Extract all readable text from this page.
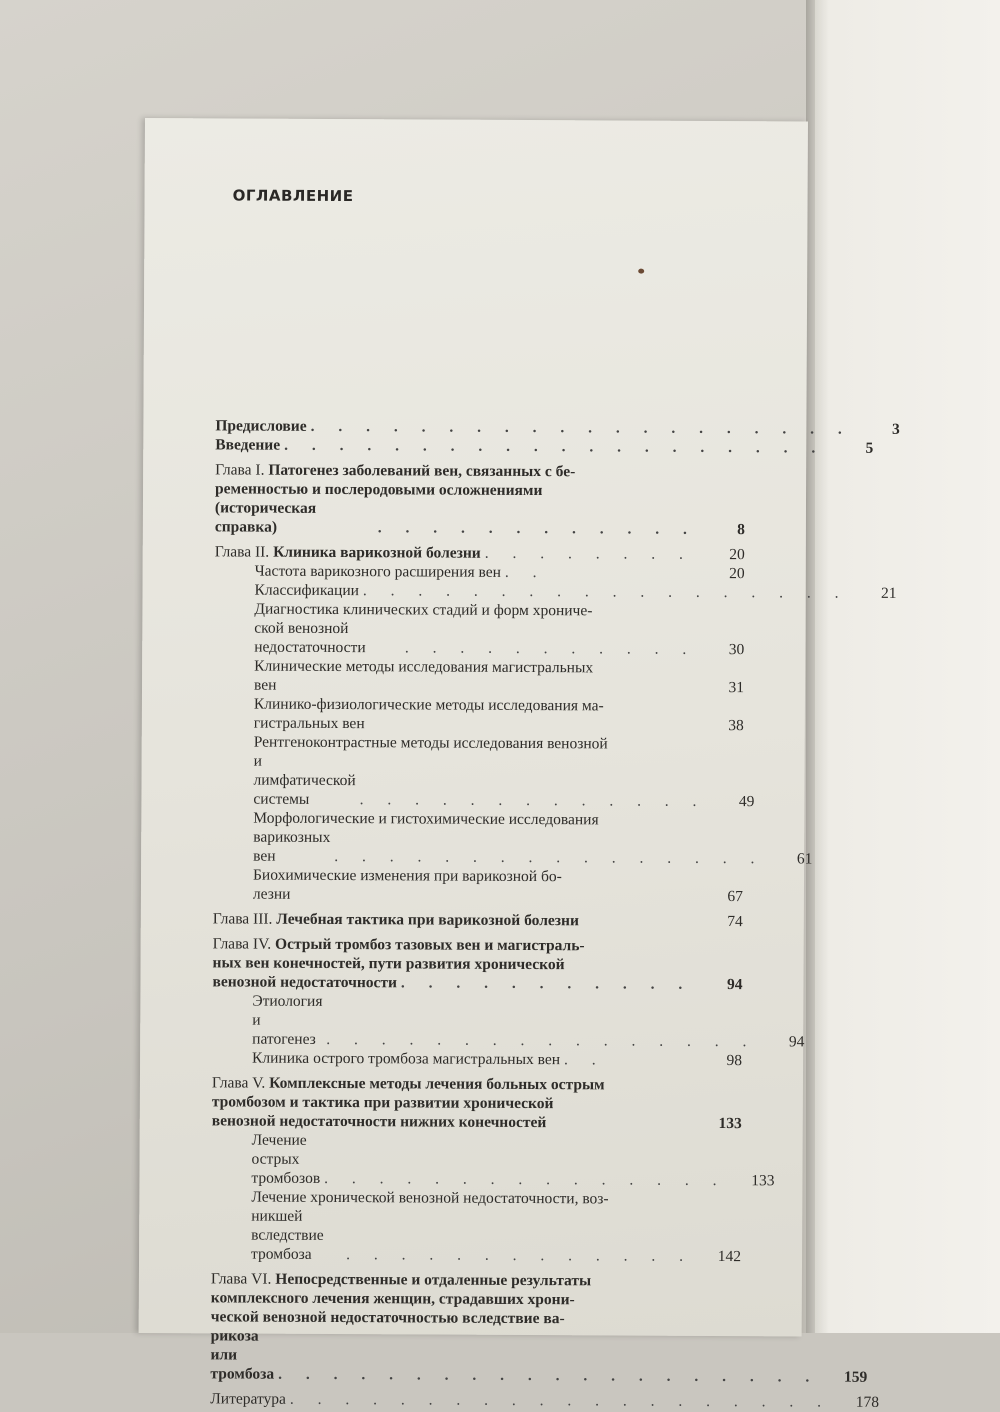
ОГЛАВЛЕНИЕ
Предисловие . . . . . . . . . . . . . . . . . . . .	3
Введение . . . . . . . . . . . . . . . . . . . .	5
Глава I. Патогенез заболеваний вен, связанных с бе-
ременностью и послеродовыми осложнениями
(историческая справка)	. . . . . . . . . . . .	8
Глава II. Клиника варикозной болезни . . . . . . . .	20
Частота варикозного расширения вен . .	20
Классификации . . . . . . . . . . . . . . . . . .	21
Диагностика клинических стадий и форм хрониче-
ской венозной недостаточности	. . . . . . . . . . .	30
Клинические методы исследования магистральных
вен	31
Клинико-физиологические методы исследования ма-
гистральных вен	38
Рентгеноконтрастные методы исследования венозной
и лимфатической системы	. . . . . . . . . . . . .	49
Морфологические и гистохимические исследования
варикозных вен	. . . . . . . . . . . . . . . .	61
Биохимические изменения при варикозной бо-
лезни	67
Глава III. Лечебная тактика при варикозной болезни	74
Глава IV. Острый тромбоз тазовых вен и магистраль-
ных вен конечностей, пути развития хронической
венозной недостаточности . . . . . . . . . . .	94
Этиология и патогенез . . . . . . . . . . . . . . . .	94
Клиника острого тромбоза магистральных вен . .	98
Глава V. Комплексные методы лечения больных острым
тромбозом и тактика при развитии хронической
венозной недостаточности нижних конечностей	133
Лечение острых тромбозов . . . . . . . . . . . . . . .	133
Лечение хронической венозной недостаточности, воз-
никшей вследствие тромбоза	. . . . . . . . . . . . .	142
Глава VI. Непосредственные и отдаленные результаты
комплексного лечения женщин, страдавших хрони-
ческой венозной недостаточностью вследствие ва-
рикоза или тромбоза . . . . . . . . . . . . . . . . . . . .	159
Литература . . . . . . . . . . . . . . . . . . . .	178
